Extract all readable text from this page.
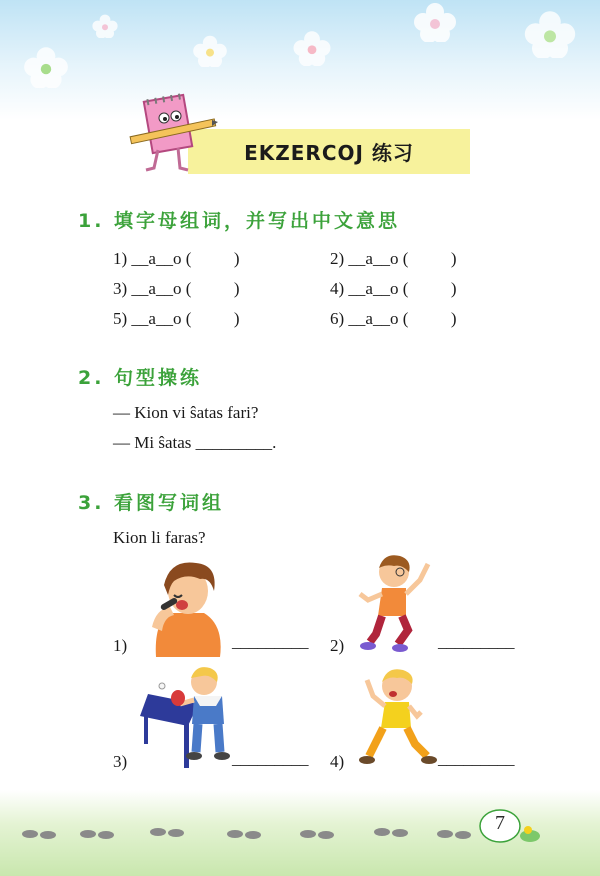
EKZERCOJ 练习
1. 填字母组词，并写出中文意思
1) __a__o (          )	2) __a__o (          )
3) __a__o (          )	4) __a__o (          )
5) __a__o (          )	6) __a__o (          )
2. 句型操练
— Kion vi ŝatas fari?
— Mi ŝatas _________.
3. 看图写词组
Kion li faras?
1)	_________ 2)	_________
3)	_________ 4)	_________
7
